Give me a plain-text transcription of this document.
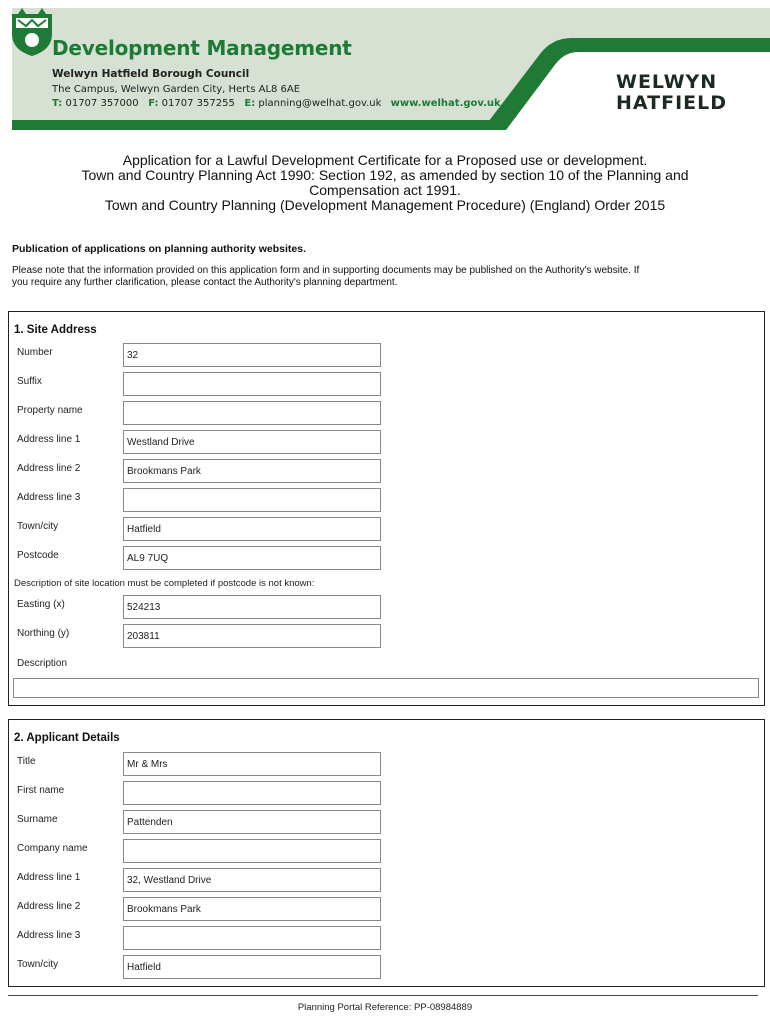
Development Management
Welwyn Hatfield Borough Council
The Campus, Welwyn Garden City, Herts AL8 6AE
T: 01707 357000 F: 01707 357255 E: planning@welhat.gov.uk www.welhat.gov.uk
WELWYN
HATFIELD
Application for a Lawful Development Certificate for a Proposed use or development.
Town and Country Planning Act 1990: Section 192, as amended by section 10 of the Planning and
Compensation act 1991.
Town and Country Planning (Development Management Procedure) (England) Order 2015
Publication of applications on planning authority websites.
Please note that the information provided on this application form and in supporting documents may be published on the Authority's website. If
you require any further clarification, please contact the Authority's planning department.
1. Site Address
Number	32
Suffix
Property name
Address line 1	Westland Drive
Address line 2	Brookmans Park
Address line 3
Town/city	Hatfield
Postcode	AL9 7UQ
Description of site location must be completed if postcode is not known:
Easting (x)	524213
Northing (y)	203811
Description
2. Applicant Details
Title	Mr & Mrs
First name
Surname	Pattenden
Company name
Address line 1	32, Westland Drive
Address line 2	Brookmans Park
Address line 3
Town/city	Hatfield
Planning Portal Reference: PP-08984889
